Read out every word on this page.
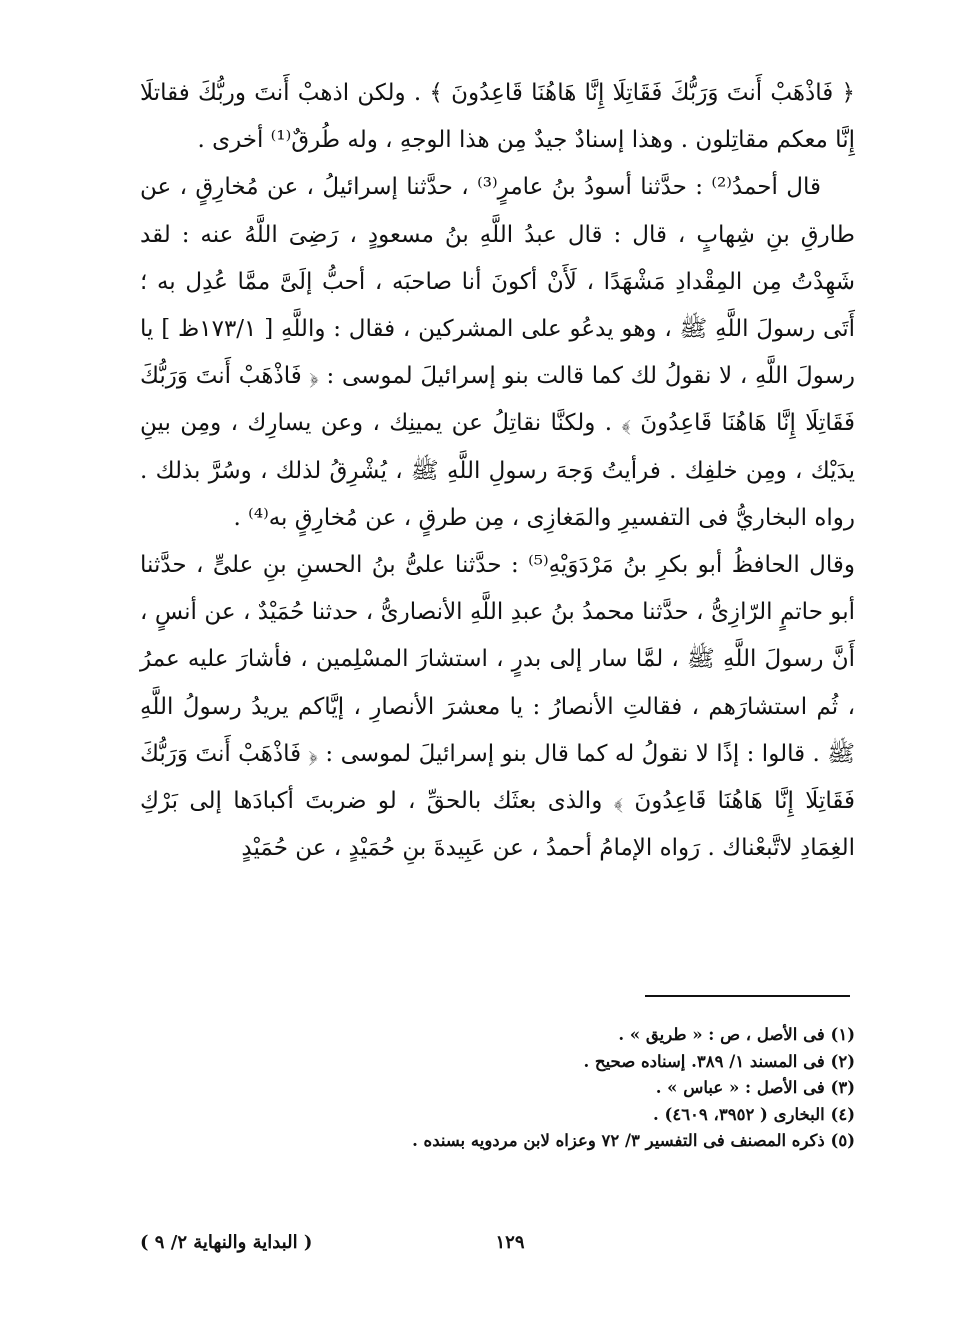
﴿ فَاذْهَبْ أَنتَ وَرَبُّكَ فَقَاتِلَا إِنَّا هَاهُنَا قَاعِدُونَ ﴾ . ولكن اذهبْ أَنتَ وربُّكَ فقاتلَا إِنَّا معكم مقاتِلون . وهذا إسنادٌ جيدٌ مِن هذا الوجهِ ، وله طُرقٌ⁽¹⁾ أخرى .

قال أحمدُ⁽²⁾ : حدَّثنا أسودُ بنُ عامرٍ⁽³⁾ ، حدَّثنا إسرائيلُ ، عن مُخارِقٍ ، عن طارقِ بنِ شِهابٍ ، قال : قال عبدُ اللَّهِ بنُ مسعودٍ ، رَضِىَ اللَّهُ عنه : لقد شَهِدْتُ مِن المِقْدادِ مَشْهَدًا ، لَأَنْ أكونَ أنا صاحبَه ، أحبُّ إلَىَّ ممَّا عُدِل به ؛ أَتَى رسولَ اللَّهِ ﷺ ، وهو يدعُو على المشركين ، فقال : واللَّهِ [ ١٧٣/١ظ ] يا رسولَ اللَّهِ ، لا نقولُ لك كما قالت بنو إسرائيلَ لموسى : ﴿ فَاذْهَبْ أَنتَ وَرَبُّكَ فَقَاتِلَا إِنَّا هَاهُنَا قَاعِدُونَ ﴾ . ولكنَّا نقاتِلُ عن يمينِك ، وعن يسارِك ، ومِن بينِ يدَيْك ، ومِن خلفِك . فرأيتُ وَجهَ رسولِ اللَّهِ ﷺ ، يُشْرِقُ لذلك ، وسُرَّ بذلك . رواه البخاريُّ فى التفسيرِ والمَغازِى ، مِن طرقٍ ، عن مُخارِقٍ به⁽⁴⁾ .

وقال الحافظُ أبو بكرِ بنُ مَرْدَوَيْهِ⁽⁵⁾ : حدَّثنا علىُّ بنُ الحسنِ بنِ علىٍّ ، حدَّثنا أبو حاتمٍ الرّازِىُّ ، حدَّثنا محمدُ بنُ عبدِ اللَّهِ الأنصارىُّ ، حدثنا حُمَيْدٌ ، عن أنسٍ ، أَنَّ رسولَ اللَّهِ ﷺ ، لمَّا سار إلى بدرٍ ، استشارَ المسْلِمين ، فأشارَ عليه عمرُ ، ثُم استشارَهم ، فقالتِ الأنصارُ : يا معشرَ الأنصارِ ، إيَّاكم يريدُ رسولُ اللَّهِ ﷺ . قالوا : إذًا لا نقولُ له كما قال بنو إسرائيلَ لموسى : ﴿ فَاذْهَبْ أَنتَ وَرَبُّكَ فَقَاتِلَا إِنَّا هَاهُنَا قَاعِدُونَ ﴾ والذى بعثَك بالحقِّ ، لو ضربتَ أكبادَها إلى بَرْكِ الغِمَادِ لاتَّبعْناك . رَواه الإمامُ أحمدُ ، عن عَبِيدةَ بنِ حُمَيْدٍ ، عن حُمَيْدٍ

(١) فى الأصل ، ص : « طريق » .

(٢) فى المسند ١/ ٣٨٩. إسناده صحيح .

(٣) فى الأصل : « عباس » .

(٤) البخارى ( ٣٩٥٢، ٤٦٠٩) .

(٥) ذكره المصنف فى التفسير ٣/ ٧٢ وعزاه لابن مردويه بسنده .

١٢٩
( البداية والنهاية ٢/ ٩ )
